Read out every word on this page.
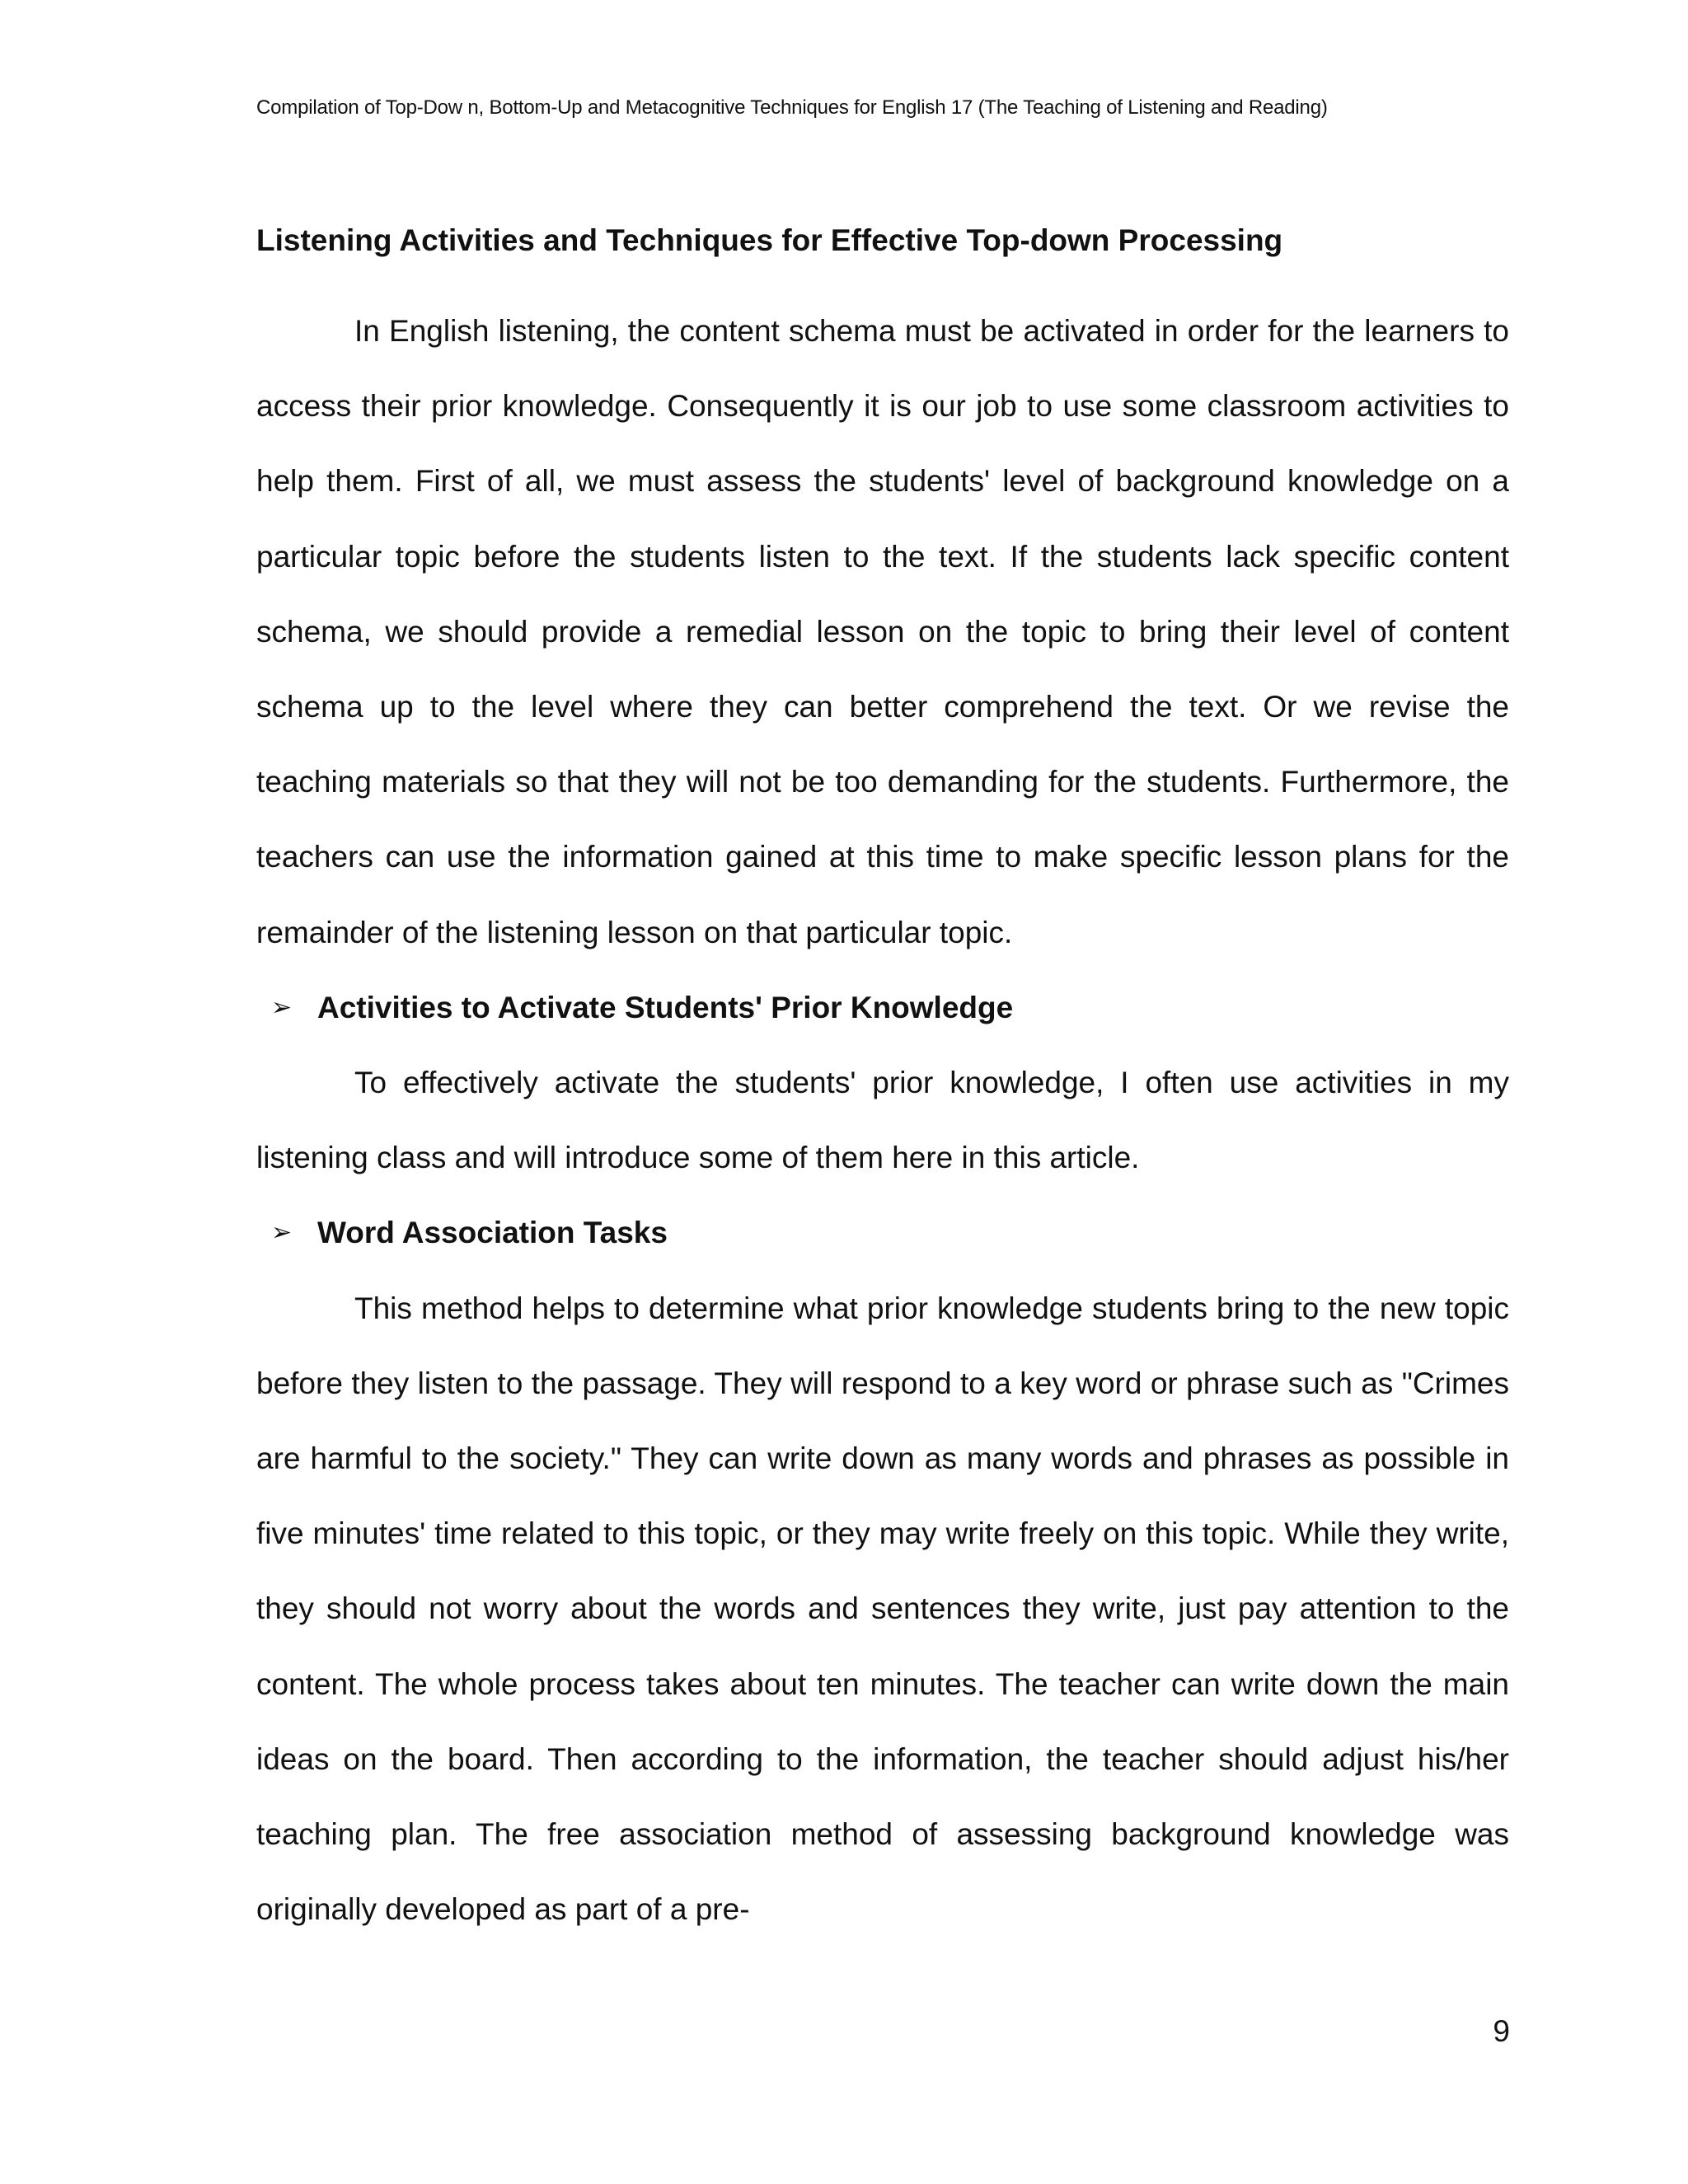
Compilation of Top-Dow n, Bottom-Up and Metacognitive Techniques for English 17 (The Teaching of Listening and Reading)
Listening Activities and Techniques for Effective Top-down Processing

In English listening, the content schema must be activated in order for the learners to access their prior knowledge. Consequently it is our job to use some classroom activities to help them. First of all, we must assess the students' level of background knowledge on a particular topic before the students listen to the text. If the students lack specific content schema, we should provide a remedial lesson on the topic to bring their level of content schema up to the level where they can better comprehend the text. Or we revise the teaching materials so that they will not be too demanding for the students. Furthermore, the teachers can use the information gained at this time to make specific lesson plans for the remainder of the listening lesson on that particular topic.

➢ Activities to Activate Students' Prior Knowledge

To effectively activate the students' prior knowledge, I often use activities in my listening class and will introduce some of them here in this article.

➢ Word Association Tasks

This method helps to determine what prior knowledge students bring to the new topic before they listen to the passage. They will respond to a key word or phrase such as "Crimes are harmful to the society." They can write down as many words and phrases as possible in five minutes' time related to this topic, or they may write freely on this topic. While they write, they should not worry about the words and sentences they write, just pay attention to the content. The whole process takes about ten minutes. The teacher can write down the main ideas on the board. Then according to the information, the teacher should adjust his/her teaching plan. The free association method of assessing background knowledge was originally developed as part of a pre-

9
